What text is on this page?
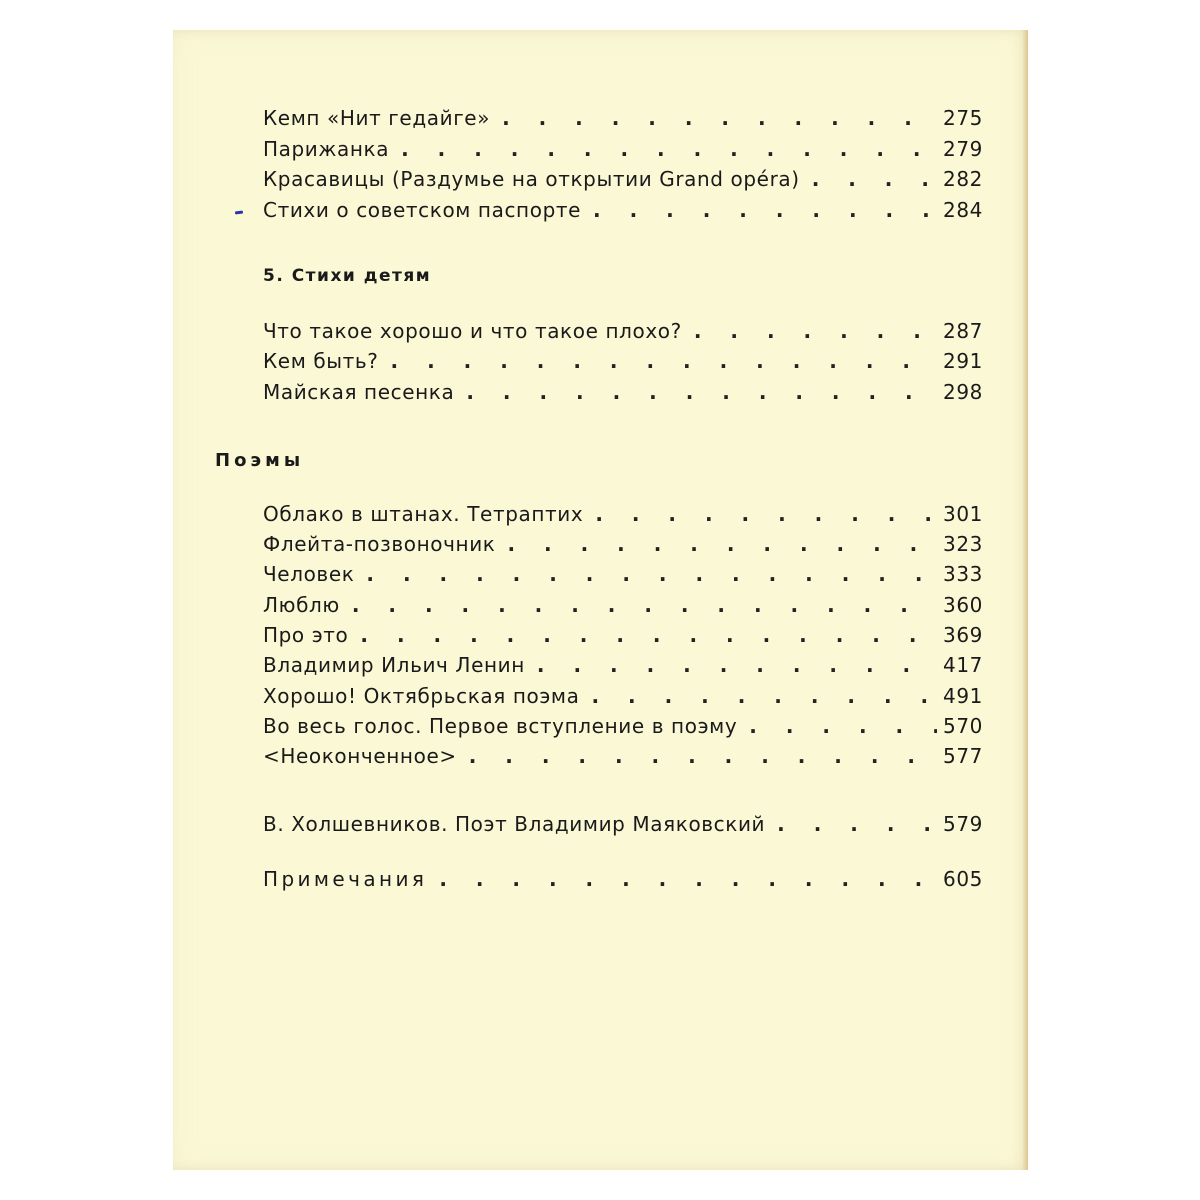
Кемп «Нит гедайге» . . .	275
Парижанка . . .	279
Красавицы (Раздумье на открытии Grand opéra) . . .	282
Стихи о советском паспорте . . .	284
5. Стихи детям
Что такое хорошо и что такое плохо? . . .	287
Кем быть? . . .	291
Майская песенка . . .	298
Поэмы
Облако в штанах. Тетраптих . . .	301
Флейта-позвоночник . . .	323
Человек . . .	333
Люблю . . .	360
Про это . . .	369
Владимир Ильич Ленин . . .	417
Хорошо! Октябрьская поэма . . .	491
Во весь голос. Первое вступление в поэму . . .	570
<Неоконченное> . . .	577
В. Холшевников. Поэт Владимир Маяковский . . .	579
Примечания . . .	605
